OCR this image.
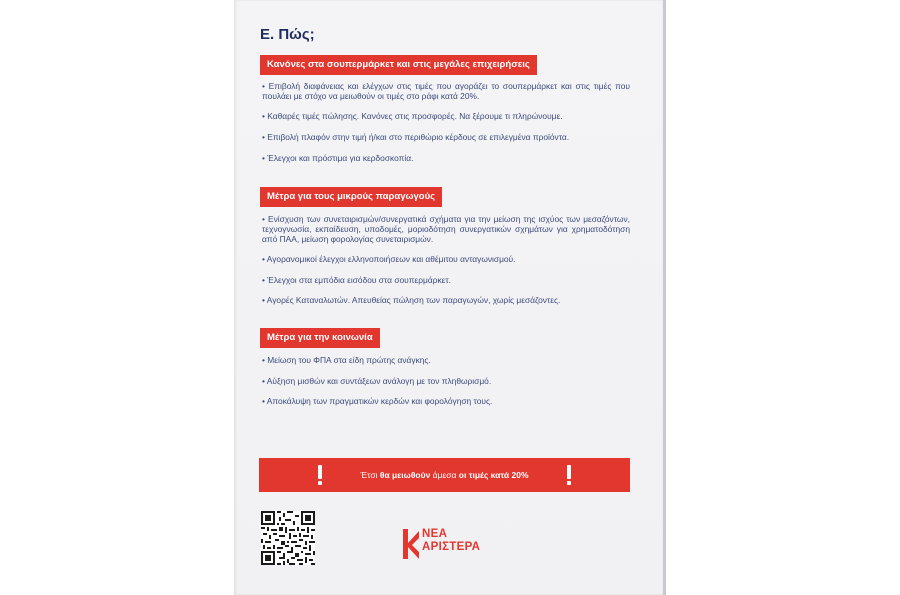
Ε. Πώς;
Κανόνες στα σουπερμάρκετ και στις μεγάλες επιχειρήσεις
• Επιβολή διαφάνειας και ελέγχων στις τιμές που αγοράζει το σουπερμάρκετ και στις τιμές που πουλάει με στόχο να μειωθούν οι τιμές στο ράφι κατά 20%.
• Καθαρές τιμές πώλησης. Κανόνες στις προσφορές. Να ξέρουμε τι πληρώνουμε.
• Επιβολή πλαφόν στην τιμή ή/και στο περιθώριο κέρδους σε επιλεγμένα προϊόντα.
• Έλεγχοι και πρόστιμα για κερδοσκοπία.
Μέτρα για τους μικρούς παραγωγούς
• Ενίσχυση των συνεταιρισμών/συνεργατικά σχήματα για την μείωση της ισχύος των μεσαζόντων, τεχνογνωσία, εκπαίδευση, υποδομές, μοριοδότηση συνεργατικών σχημάτων για χρηματοδότηση από ΠΑΑ, μείωση φορολογίας συνεταιρισμών.
• Αγορανομικοί έλεγχοι ελληνοποιήσεων και αθέμιτου ανταγωνισμού.
• Έλεγχοι στα εμπόδια εισόδου στα σουπερμάρκετ.
• Αγορές Καταναλωτών. Απευθείας πώληση των παραγωγών, χωρίς μεσάζοντες.
Μέτρα για την κοινωνία
• Μείωση του ΦΠΑ στα είδη πρώτης ανάγκης.
• Αύξηση μισθών και συντάξεων ανάλογη με τον πληθωρισμό.
• Αποκάλυψη των πραγματικών κερδών και φορολόγηση τους.
Έτσι θα μειωθούν άμεσα οι τιμές κατά 20%
ΝΕΑ
ΑΡΙΣΤΕΡΑ
